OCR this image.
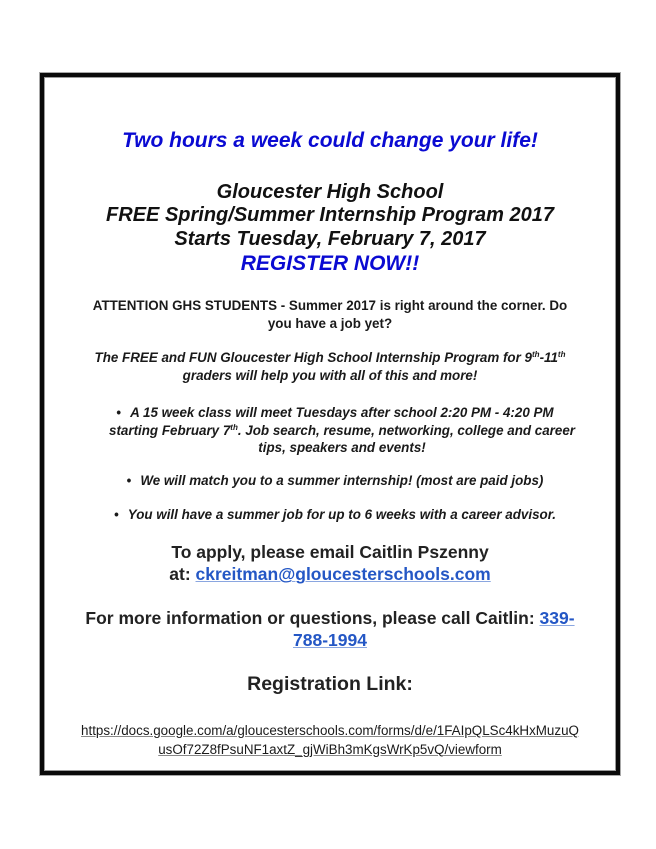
Two hours a week could change your life!
Gloucester High School
FREE Spring/Summer Internship Program 2017
Starts Tuesday, February 7, 2017
REGISTER NOW!!
ATTENTION GHS STUDENTS - Summer 2017 is right around the corner. Do
you have a job yet?
The FREE and FUN Gloucester High School Internship Program for 9th-11th
graders will help you with all of this and more!
• A 15 week class will meet Tuesdays after school 2:20 PM - 4:20 PM
starting February 7th. Job search, resume, networking, college and career
tips, speakers and events!
• We will match you to a summer internship! (most are paid jobs)
• You will have a summer job for up to 6 weeks with a career advisor.
To apply, please email Caitlin Pszenny
at: ckreitman@gloucesterschools.com
For more information or questions, please call Caitlin: 339-
788-1994
Registration Link:
https://docs.google.com/a/gloucesterschools.com/forms/d/e/1FAIpQLSc4kHxMuzuQ
usOf72Z8fPsuNF1axtZ_gjWiBh3mKgsWrKp5vQ/viewform
